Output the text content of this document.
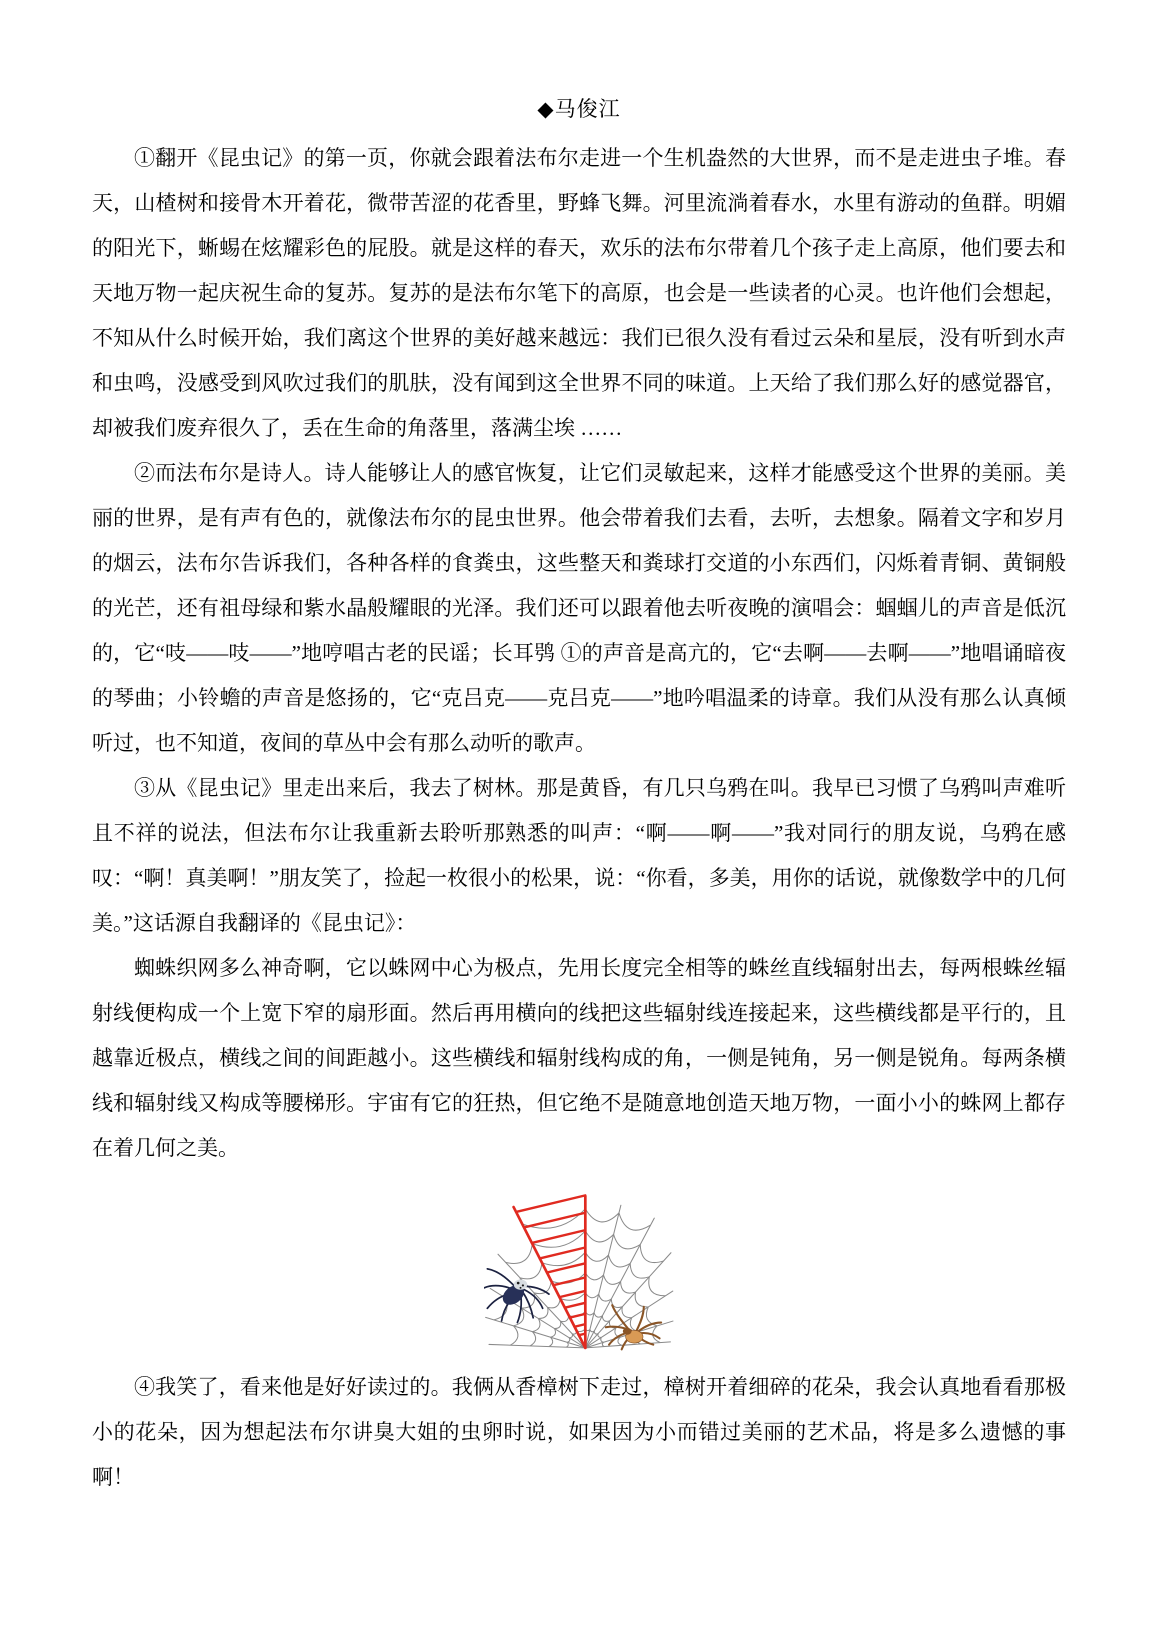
◆马俊江

①翻开《昆虫记》的第一页，你就会跟着法布尔走进一个生机盎然的大世界，而不是走进虫子堆。春天，山楂树和接骨木开着花，微带苦涩的花香里，野蜂飞舞。河里流淌着春水，水里有游动的鱼群。明媚的阳光下，蜥蜴在炫耀彩色的屁股。就是这样的春天，欢乐的法布尔带着几个孩子走上高原，他们要去和天地万物一起庆祝生命的复苏。复苏的是法布尔笔下的高原，也会是一些读者的心灵。也许他们会想起，不知从什么时候开始，我们离这个世界的美好越来越远：我们已很久没有看过云朵和星辰，没有听到水声和虫鸣，没感受到风吹过我们的肌肤，没有闻到这全世界不同的味道。上天给了我们那么好的感觉器官，却被我们废弃很久了，丢在生命的角落里，落满尘埃 ……

②而法布尔是诗人。诗人能够让人的感官恢复，让它们灵敏起来，这样才能感受这个世界的美丽。美丽的世界，是有声有色的，就像法布尔的昆虫世界。他会带着我们去看，去听，去想象。隔着文字和岁月的烟云，法布尔告诉我们，各种各样的食粪虫，这些整天和粪球打交道的小东西们，闪烁着青铜、黄铜般的光芒，还有祖母绿和紫水晶般耀眼的光泽。我们还可以跟着他去听夜晚的演唱会：蝈蝈儿的声音是低沉的，它“吱——吱——”地哼唱古老的民谣；长耳鸮 ①的声音是高亢的，它“去啊——去啊——”地唱诵暗夜的琴曲；小铃蟾的声音是悠扬的，它“克吕克——克吕克——”地吟唱温柔的诗章。我们从没有那么认真倾听过，也不知道，夜间的草丛中会有那么动听的歌声。

③从《昆虫记》里走出来后，我去了树林。那是黄昏，有几只乌鸦在叫。我早已习惯了乌鸦叫声难听且不祥的说法，但法布尔让我重新去聆听那熟悉的叫声：“啊——啊——”我对同行的朋友说，乌鸦在感叹：“啊！真美啊！”朋友笑了，捡起一枚很小的松果，说：“你看，多美，用你的话说，就像数学中的几何美。”这话源自我翻译的《昆虫记》：

蜘蛛织网多么神奇啊，它以蛛网中心为极点，先用长度完全相等的蛛丝直线辐射出去，每两根蛛丝辐射线便构成一个上宽下窄的扇形面。然后再用横向的线把这些辐射线连接起来，这些横线都是平行的，且越靠近极点，横线之间的间距越小。这些横线和辐射线构成的角，一侧是钝角，另一侧是锐角。每两条横线和辐射线又构成等腰梯形。宇宙有它的狂热，但它绝不是随意地创造天地万物，一面小小的蛛网上都存在着几何之美。

④我笑了，看来他是好好读过的。我俩从香樟树下走过，樟树开着细碎的花朵，我会认真地看看那极小的花朵，因为想起法布尔讲臭大姐的虫卵时说，如果因为小而错过美丽的艺术品，将是多么遗憾的事啊！
